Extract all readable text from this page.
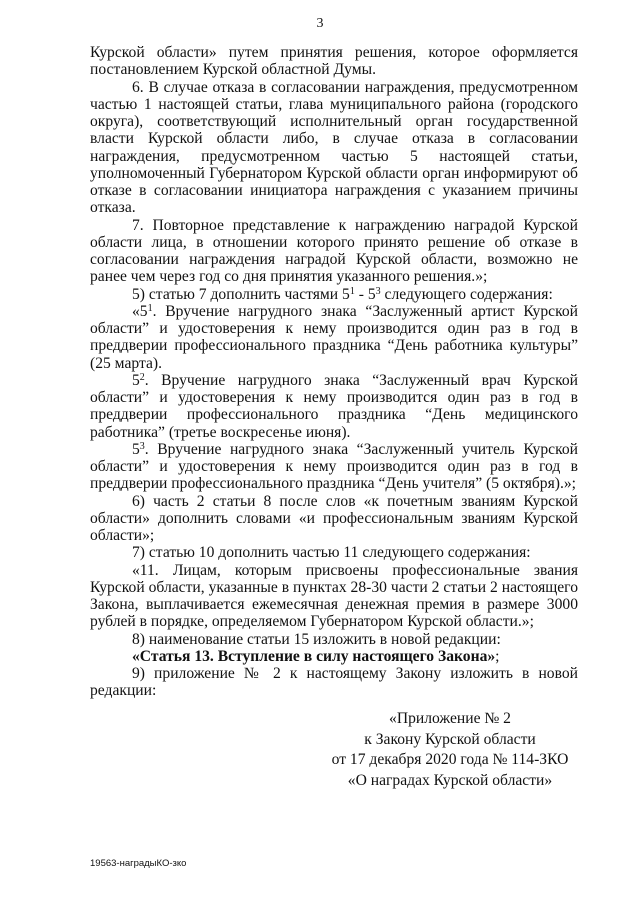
3

Курской области» путем принятия решения, которое оформляется постановлением Курской областной Думы.

6. В случае отказа в согласовании награждения, предусмотренном частью 1 настоящей статьи, глава муниципального района (городского округа), соответствующий исполнительный орган государственной власти Курской области либо, в случае отказа в согласовании награждения, предусмотренном частью 5 настоящей статьи, уполномоченный Губернатором Курской области орган информируют об отказе в согласовании инициатора награждения с указанием причины отказа.

7. Повторное представление к награждению наградой Курской области лица, в отношении которого принято решение об отказе в согласовании награждения наградой Курской области, возможно не ранее чем через год со дня принятия указанного решения.»;

5) статью 7 дополнить частями $5^1 - 5^3$ следующего содержания:

«$5^1$. Вручение нагрудного знака “Заслуженный артист Курской области” и удостоверения к нему производится один раз в год в преддверии профессионального праздника “День работника культуры” (25 марта).

$5^2$. Вручение нагрудного знака “Заслуженный врач Курской области” и удостоверения к нему производится один раз в год в преддверии профессионального праздника “День медицинского работника” (третье воскресенье июня).

$5^3$. Вручение нагрудного знака “Заслуженный учитель Курской области” и удостоверения к нему производится один раз в год в преддверии профессионального праздника “День учителя” (5 октября).»;

6) часть 2 статьи 8 после слов «к почетным званиям Курской области» дополнить словами «и профессиональным званиям Курской области»;

7) статью 10 дополнить частью 11 следующего содержания:

«11. Лицам, которым присвоены профессиональные звания Курской области, указанные в пунктах 28-30 части 2 статьи 2 настоящего Закона, выплачивается ежемесячная денежная премия в размере 3000 рублей в порядке, определяемом Губернатором Курской области.»;

8) наименование статьи 15 изложить в новой редакции:

«Статья 13. Вступление в силу настоящего Закона»;

9) приложение № 2 к настоящему Закону изложить в новой редакции:

«Приложение № 2
к Закону Курской области
от 17 декабря 2020 года № 114-ЗКО
«О наградах Курской области»
19563-наградыКО-зко
